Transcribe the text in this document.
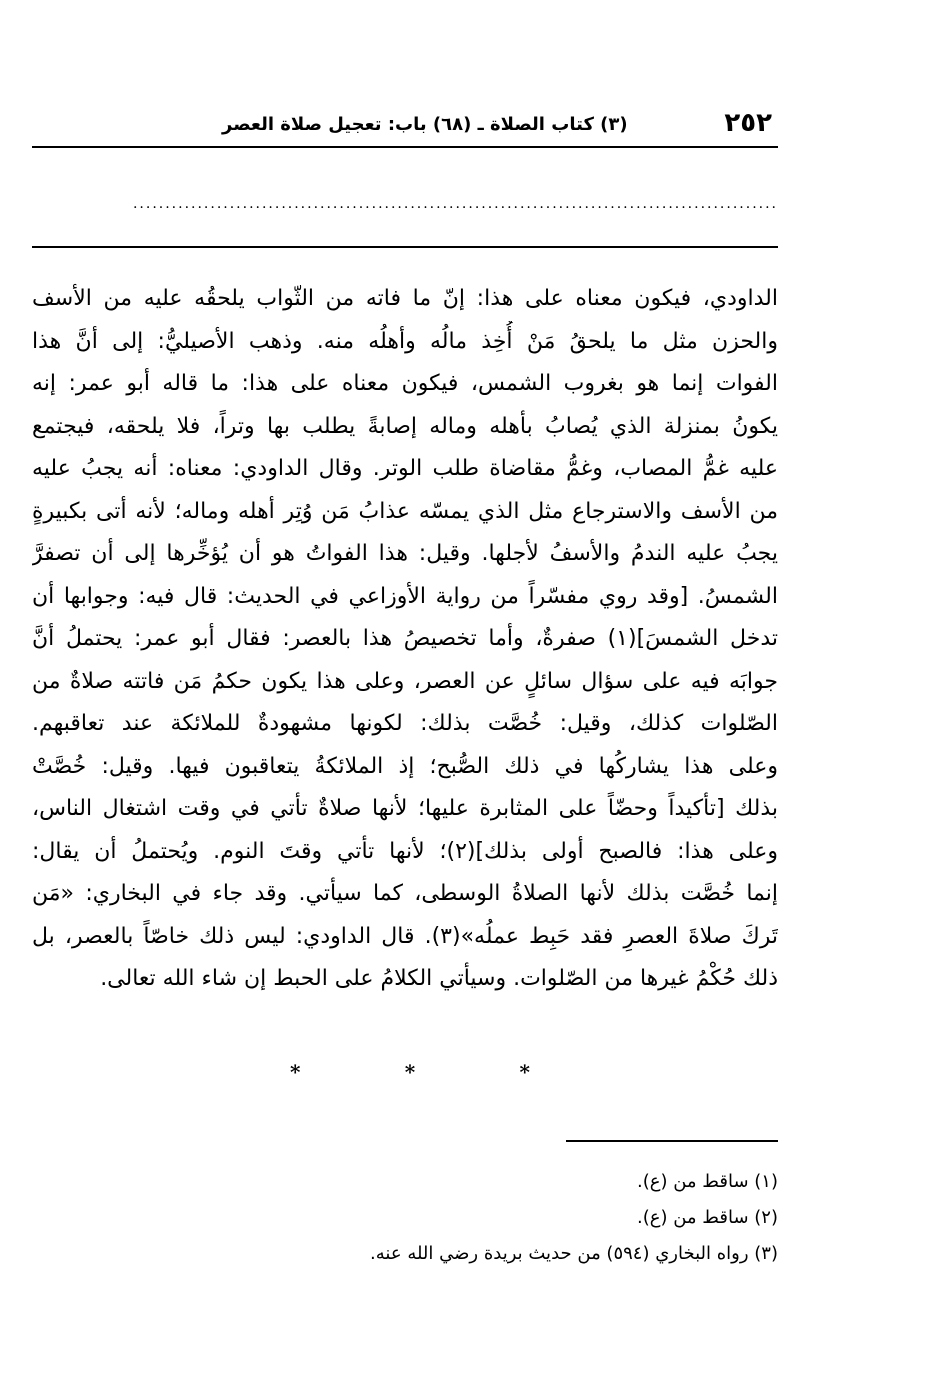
٢٥٢
(٣) كتاب الصلاة ـ (٦٨) باب: تعجيل صلاة العصر
....................................................................................................
الداودي، فيكون معناه على هذا: إنّ ما فاته من الثّواب يلحقُه عليه من الأسف
والحزن مثل ما يلحقُ مَنْ أُخِذ مالُه وأهلُه منه. وذهب الأصيليُّ: إلى أنَّ هذا
الفوات إنما هو بغروب الشمس، فيكون معناه على هذا: ما قاله أبو عمر: إنه
يكونُ بمنزلة الذي يُصابُ بأهله وماله إصابةً يطلب بها وتراً، فلا يلحقه، فيجتمع
عليه غمُّ المصاب، وغمُّ مقاضاة طلب الوتر. وقال الداودي: معناه: أنه يجبُ عليه
من الأسف والاسترجاع مثل الذي يمسّه عذابُ مَن وُتِر أهله وماله؛ لأنه أتى بكبيرةٍ
يجبُ عليه الندمُ والأسفُ لأجلها. وقيل: هذا الفواتُ هو أن يُؤخِّرها إلى أن تصفرَّ
الشمسُ. [وقد روي مفسّراً من رواية الأوزاعي في الحديث: قال فيه: وجوابها أن
تدخل الشمسَ](١) صفرةٌ، وأما تخصيصُ هذا بالعصر: فقال أبو عمر: يحتملُ أنَّ
جوابَه فيه على سؤال سائلٍ عن العصر، وعلى هذا يكون حكمُ مَن فاتته صلاةٌ من
الصّلوات كذلك، وقيل: خُصَّت بذلك: لكونها مشهودةٌ للملائكة عند تعاقبهم.
وعلى هذا يشاركُها في ذلك الصُّبح؛ إذ الملائكةُ يتعاقبون فيها. وقيل: خُصَّتْ
بذلك [تأكيداً وحضّاً على المثابرة عليها؛ لأنها صلاةٌ تأتي في وقت اشتغال الناس،
وعلى هذا: فالصبح أولى بذلك](٢)؛ لأنها تأتي وقتَ النوم. ويُحتملُ أن يقال:
إنما خُصَّت بذلك لأنها الصلاةُ الوسطى، كما سيأتي. وقد جاء في البخاري: «مَن
تَركَ صلاةَ العصرِ فقد حَبِط عملُه»(٣). قال الداودي: ليس ذلك خاصّاً بالعصر، بل
ذلك حُكْمُ غيرها من الصّلوات. وسيأتي الكلامُ على الحبط إن شاء الله تعالى.
*
*
*
(١) ساقط من (ع).
(٢) ساقط من (ع).
(٣) رواه البخاري (٥٩٤) من حديث بريدة رضي الله عنه.
